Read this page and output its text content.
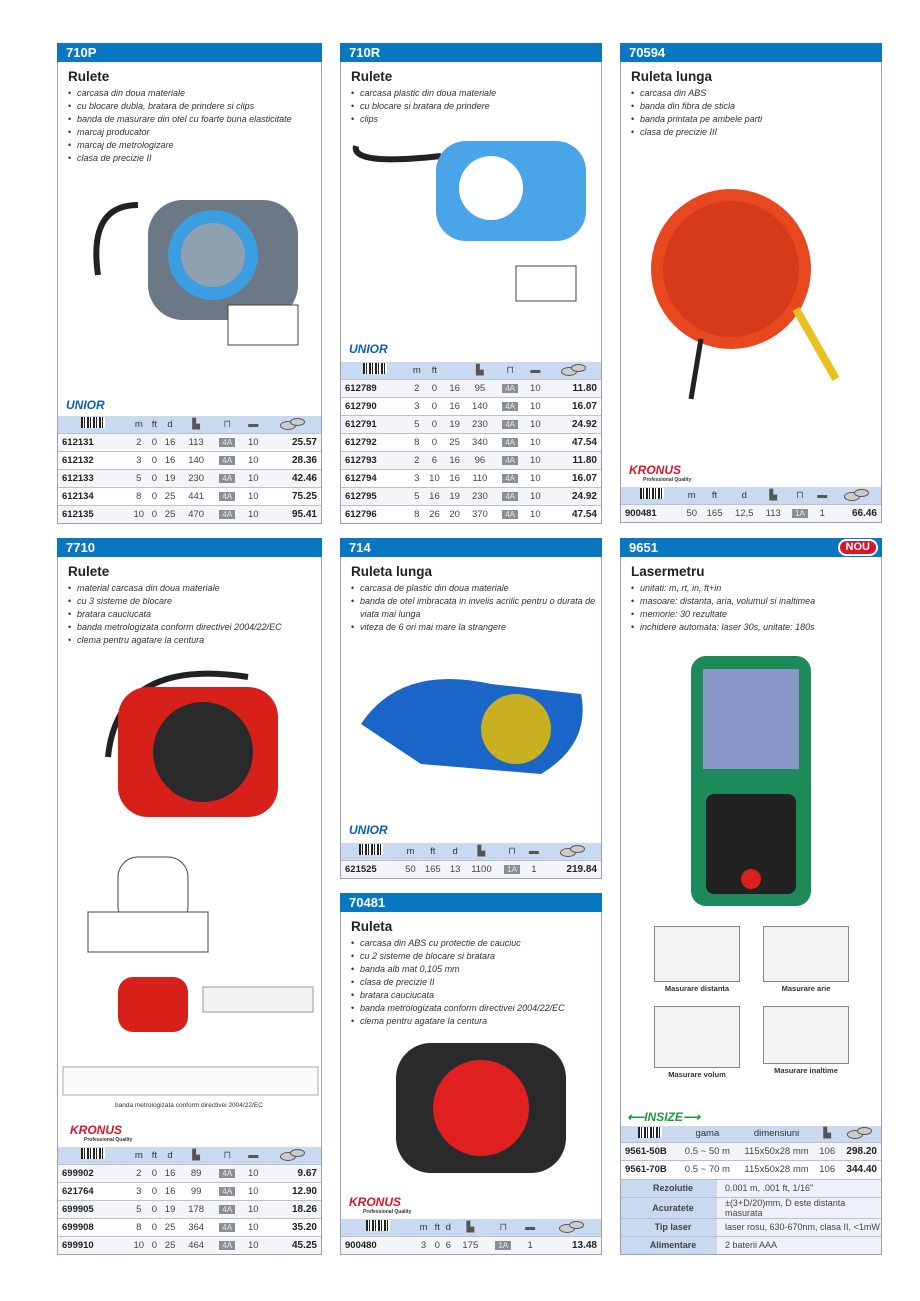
710P
Rulete
• carcasa din doua materiale
• cu blocare dubla, bratara de prindere si clips
• banda de masurare din otel cu foarte buna elasticitate
• marcaj producator
• marcaj de metrologizare
• clasa de precizie II
UNIOR
	m	ft	d	▙	⊓	▬	
612131	2	0	16	113	4A	10	25.57
612132	3	0	16	140	4A	10	28.36
612133	5	0	19	230	4A	10	42.46
612134	8	0	25	441	4A	10	75.25
612135	10	0	25	470	4A	10	95.41
710R
Rulete
• carcasa plastic din doua materiale
• cu blocare si bratara de prindere
• clips
UNIOR
	m	ft		▙	⊓	▬	
612789	2	0	16	95	4A	10	11.80
612790	3	0	16	140	4A	10	16.07
612791	5	0	19	230	4A	10	24.92
612792	8	0	25	340	4A	10	47.54
612793	2	6	16	96	4A	10	11.80
612794	3	10	16	110	4A	10	16.07
612795	5	16	19	230	4A	10	24.92
612796	8	26	20	370	4A	10	47.54
70594
Ruleta lunga
• carcasa din ABS
• banda din fibra de sticla
• banda printata pe ambele parti
• clasa de precizie III
KRONUS
Professional Quality
	m	ft	d	▙	⊓	▬	
900481	50	165	12,5	113	1A	1	66.46
7710
Rulete
• material carcasa din doua materiale
• cu 3 sisteme de blocare
• bratara cauciucata
• banda metrologizata conform directivei 2004/22/EC
• clema pentru agatare la centura
banda metrologizata conform directivei 2004/22/EC
KRONUS
Professional Quality
	m	ft	d	▙	⊓	▬	
699902	2	0	16	89	4A	10	9.67
621764	3	0	16	99	4A	10	12.90
699905	5	0	19	178	4A	10	18.26
699908	8	0	25	364	4A	10	35.20
699910	10	0	25	464	4A	10	45.25
714
Ruleta lunga
• carcasa de plastic din doua materiale
• banda de otel imbracata in invelis acrilic pentru o durata de viata mai lunga
• viteza de 6 ori mai mare la strangere
UNIOR
	m	ft	d	▙	⊓	▬	
621525	50	165	13	1100	1A	1	219.84
70481
Ruleta
• carcasa din ABS cu protectie de cauciuc
• cu 2 sisteme de blocare si bratara
• banda alb mat 0,105 mm
• clasa de precizie II
• bratara cauciucata
• banda metrologizata conform directivei 2004/22/EC
• clema pentru agatare la centura
KRONUS
Professional Quality
	m	ft	d	▙	⊓	▬	
900480	3	0	6	175	1A	1	13.48
9651	NOU
Lasermetru
• unitati: m, rt, in, ft+in
• masoare: distanta, aria, volumul si inaltimea
• memorie: 30 rezultate
• inchidere automata: laser 30s, unitate: 180s
Masurare distanta	Masurare arie
Masurare volum	Masurare inaltime
⟵INSIZE⟶
	gama	dimensiuni	▙	
9561-50B	0.5 ~ 50 m	115x50x28 mm	106	298.20
9561-70B	0.5 ~ 70 m	115x50x28 mm	106	344.40
Rezolutie	0.001 m, .001 ft, 1/16"
Acuratete	±(3+D/20)mm, D este distanta masurata
Tip laser	laser rosu, 630-670nm, clasa II, <1mW
Alimentare	2 baterii AAA
